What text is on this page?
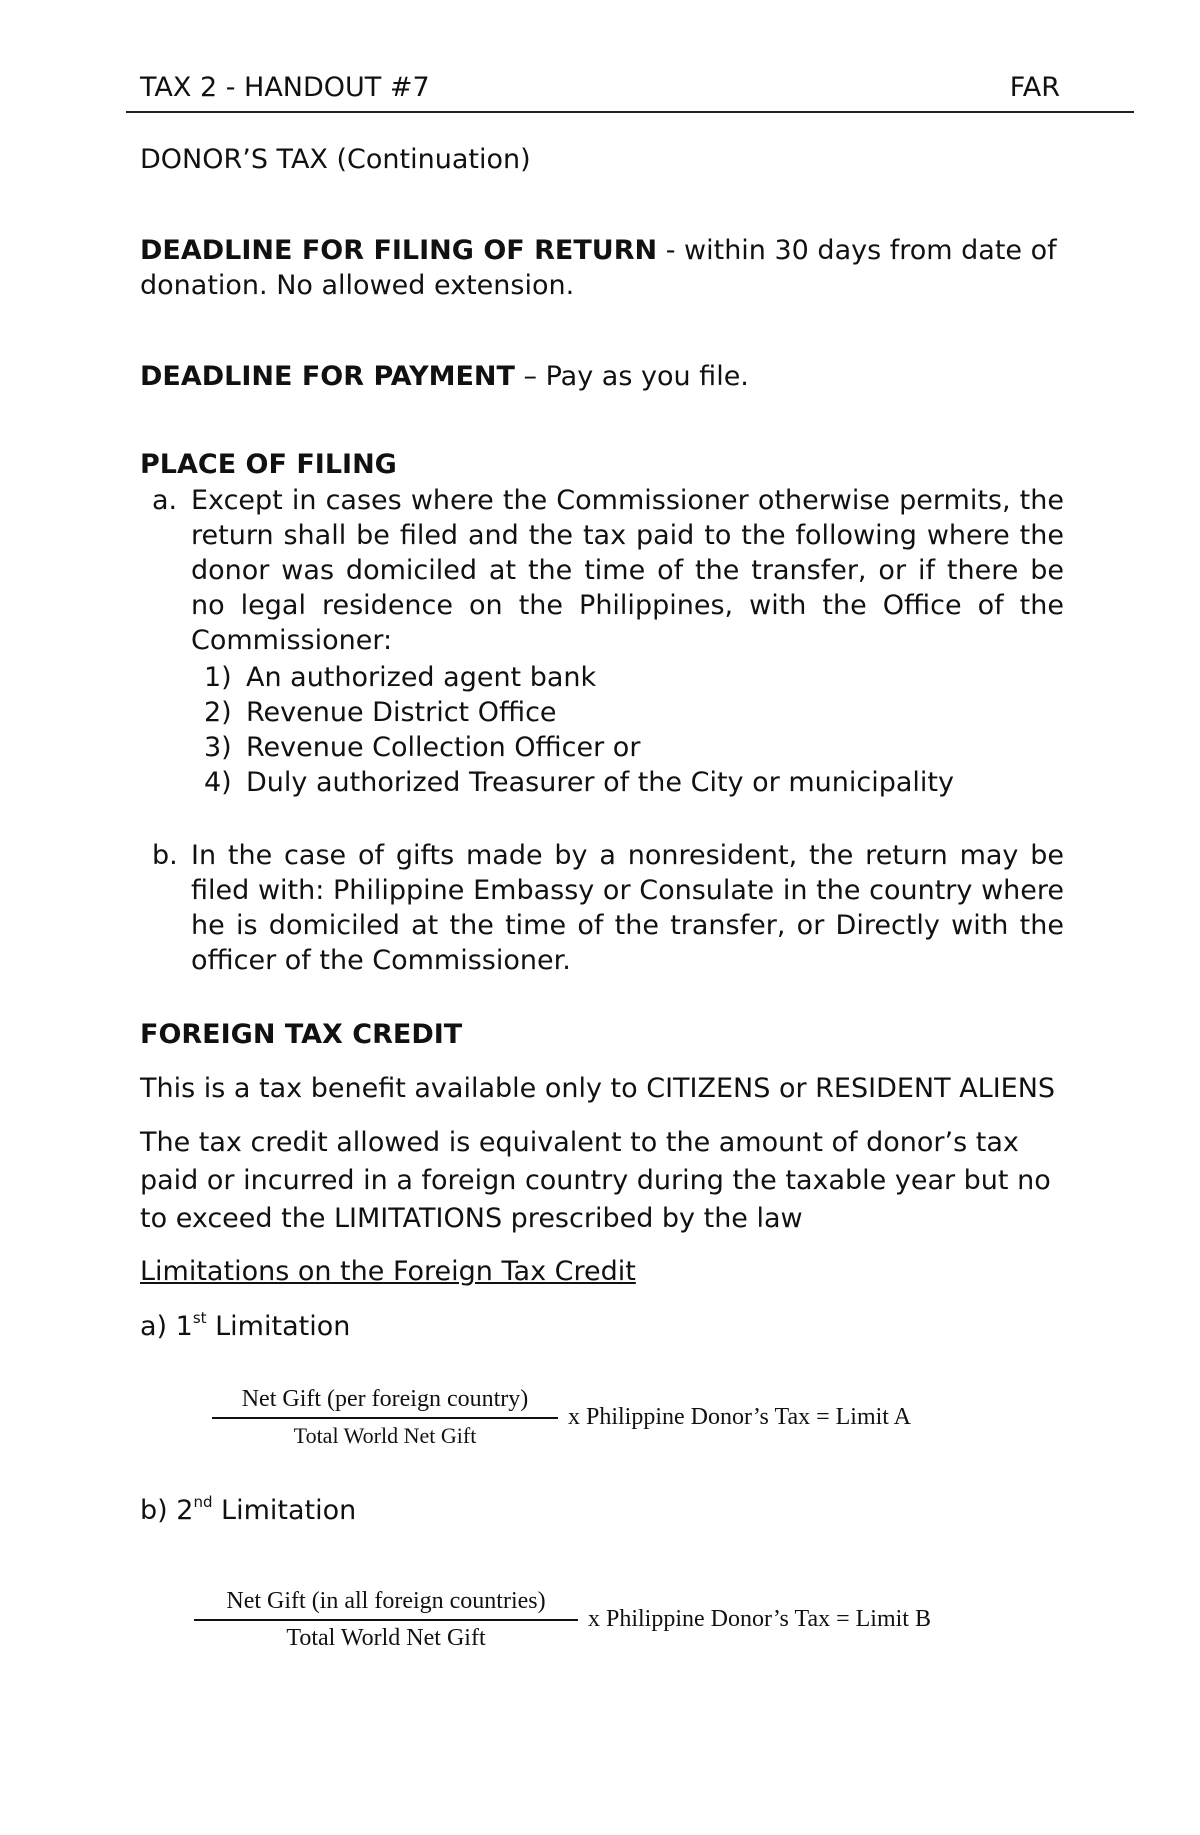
TAX 2 - HANDOUT #7	FAR
DONOR’S TAX (Continuation)
DEADLINE FOR FILING OF RETURN - within 30 days from date of
donation. No allowed extension.
DEADLINE FOR PAYMENT – Pay as you file.
PLACE OF FILING
a. Except in cases where the Commissioner otherwise permits, the return shall be filed and the tax paid to the following where the donor was domiciled at the time of the transfer, or if there be no legal residence on the Philippines, with the Office of the Commissioner:
1) An authorized agent bank
2) Revenue District Office
3) Revenue Collection Officer or
4) Duly authorized Treasurer of the City or municipality
b. In the case of gifts made by a nonresident, the return may be filed with: Philippine Embassy or Consulate in the country where he is domiciled at the time of the transfer, or Directly with the officer of the Commissioner.
FOREIGN TAX CREDIT
This is a tax benefit available only to CITIZENS or RESIDENT ALIENS
The tax credit allowed is equivalent to the amount of donor’s tax paid or incurred in a foreign country during the taxable year but no to exceed the LIMITATIONS prescribed by the law
Limitations on the Foreign Tax Credit
a) 1st Limitation
Net Gift (per foreign country)
Total World Net Gift
x Philippine Donor’s Tax = Limit A
b) 2nd Limitation
Net Gift (in all foreign countries)
Total World Net Gift
x Philippine Donor’s Tax = Limit B
